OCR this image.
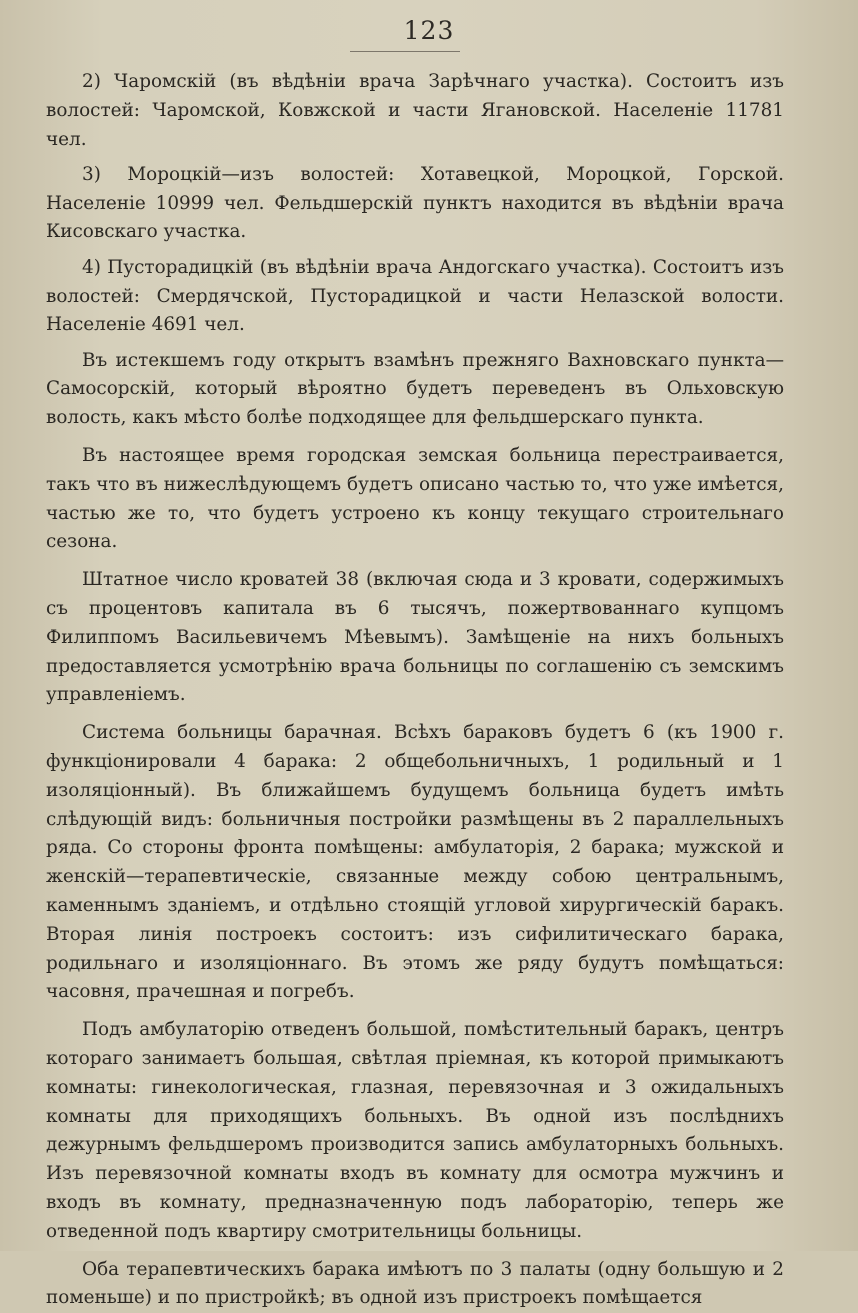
123

2) Чаромскій (въ вѣдѣніи врача Зарѣчнаго участка). Состоитъ изъ волостей: Чаромской, Ковжской и части Ягановской. Населеніе 11781 чел.

3) Мороцкій—изъ волостей: Хотавецкой, Мороцкой, Горской. Населеніе 10999 чел. Фельдшерскій пунктъ находится въ вѣдѣніи врача Кисовскаго участка.

4) Пусторадицкій (въ вѣдѣніи врача Андогскаго участка). Состоитъ изъ волостей: Смердячской, Пусторадицкой и части Нелазской волости. Населеніе 4691 чел.

Въ истекшемъ году открытъ взамѣнъ прежняго Вахновскаго пункта—Самосорскій, который вѣроятно будетъ переведенъ въ Ольховскую волость, какъ мѣсто болѣе подходящее для фельдшерскаго пункта.

Въ настоящее время городская земская больница перестраивается, такъ что въ нижеслѣдующемъ будетъ описано частью то, что уже имѣется, частью же то, что будетъ устроено къ концу текущаго строительнаго сезона.

Штатное число кроватей 38 (включая сюда и 3 кровати, содержимыхъ съ процентовъ капитала въ 6 тысячъ, пожертвованнаго купцомъ Филиппомъ Васильевичемъ Мѣевымъ). Замѣщеніе на нихъ больныхъ предоставляется усмотрѣнію врача больницы по соглашенію съ земскимъ управленіемъ.

Система больницы барачная. Всѣхъ бараковъ будетъ 6 (къ 1900 г. функціонировали 4 барака: 2 общебольничныхъ, 1 родильный и 1 изоляціонный). Въ ближайшемъ будущемъ больница будетъ имѣть слѣдующій видъ: больничныя постройки размѣщены въ 2 параллельныхъ ряда. Со стороны фронта помѣщены: амбулаторія, 2 барака; мужской и женскій—терапевтическіе, связанные между собою центральнымъ, каменнымъ зданіемъ, и отдѣльно стоящій угловой хирургическій баракъ. Вторая линія построекъ состоитъ: изъ сифилитическаго барака, родильнаго и изоляціоннаго. Въ этомъ же ряду будутъ помѣщаться: часовня, прачешная и погребъ.

Подъ амбулаторію отведенъ большой, помѣстительный баракъ, центръ котораго занимаетъ большая, свѣтлая пріемная, къ которой примыкаютъ комнаты: гинекологическая, глазная, перевязочная и 3 ожидальныхъ комнаты для приходящихъ больныхъ. Въ одной изъ послѣднихъ дежурнымъ фельдшеромъ производится запись амбулаторныхъ больныхъ. Изъ перевязочной комнаты входъ въ комнату для осмотра мужчинъ и входъ въ комнату, предназначенную подъ лабораторію, теперь же отведенной подъ квартиру смотрительницы больницы.

Оба терапевтическихъ барака имѣютъ по 3 палаты (одну большую и 2 поменьше) и по пристройкѣ; въ одной изъ пристроекъ помѣщается
